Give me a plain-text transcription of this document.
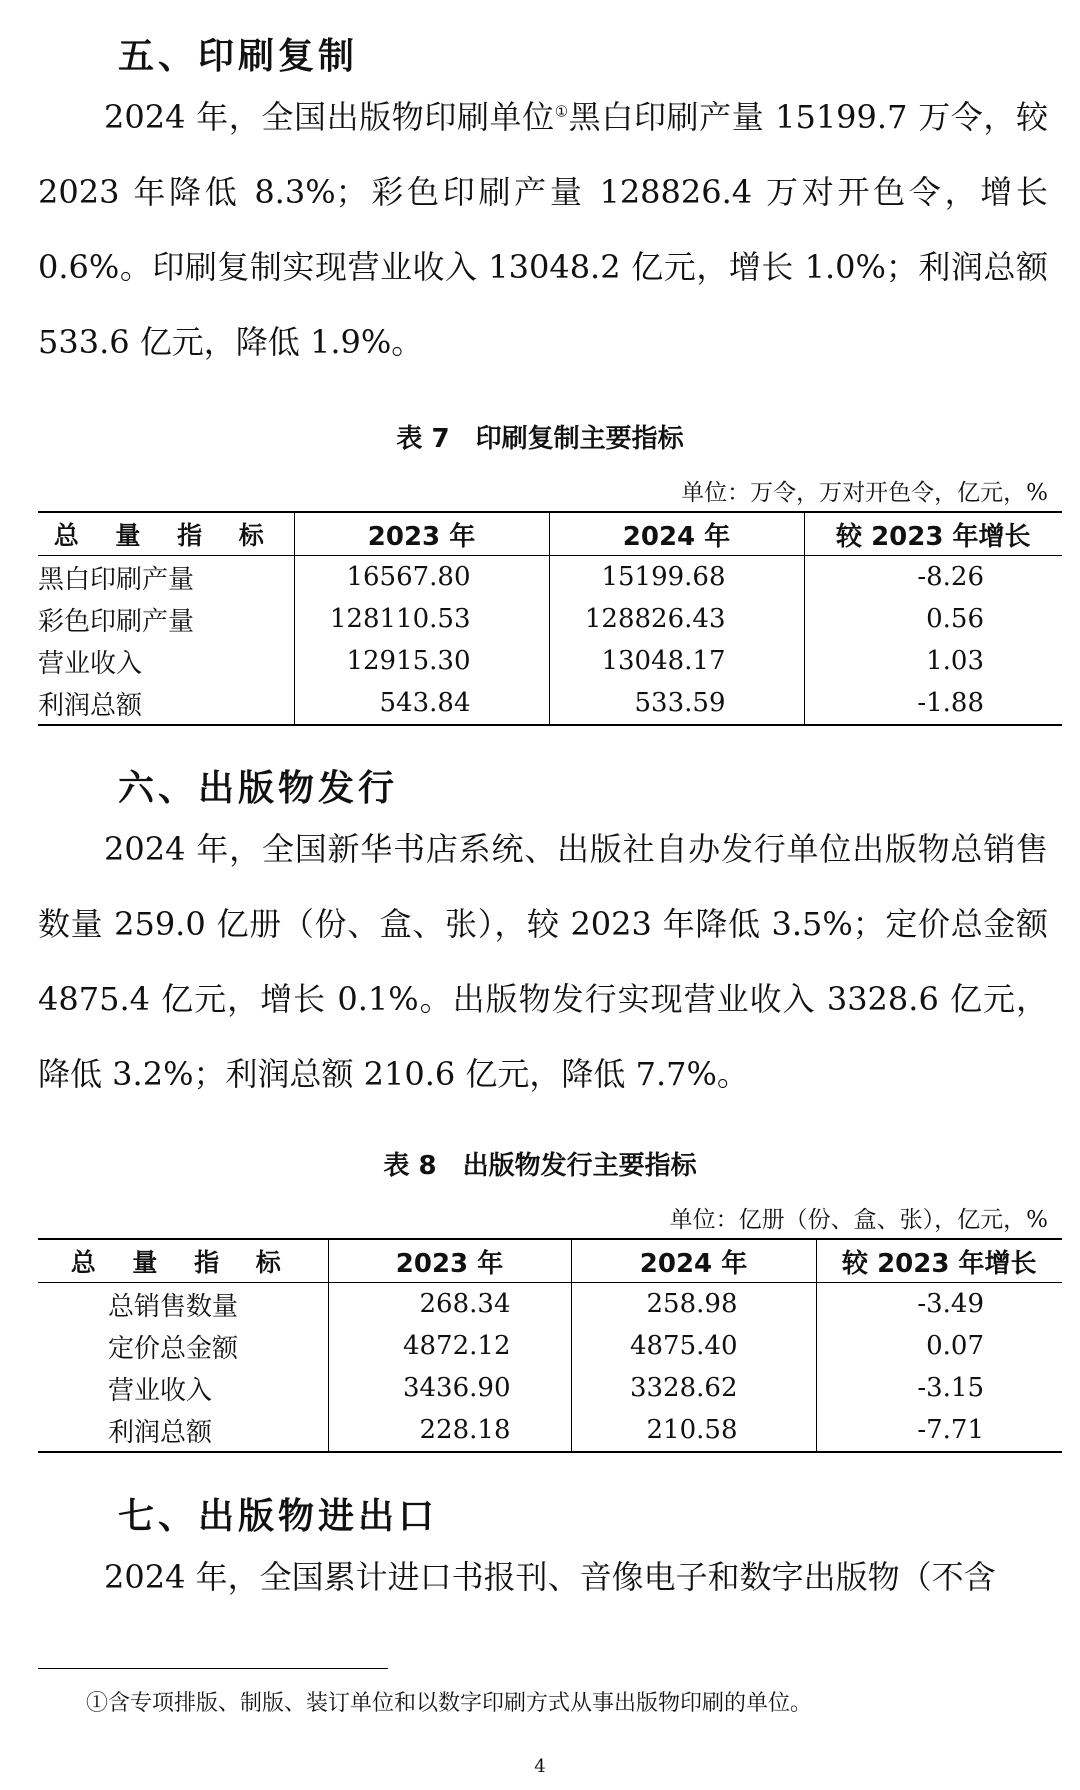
五、印刷复制

2024 年，全国出版物印刷单位①黑白印刷产量 15199.7 万令，较 2023 年降低 8.3%；彩色印刷产量 128826.4 万对开色令，增长 0.6%。印刷复制实现营业收入 13048.2 亿元，增长 1.0%；利润总额 533.6 亿元，降低 1.9%。

表 7　印刷复制主要指标
单位：万令，万对开色令，亿元，%
总 量 指 标	2023 年	2024 年	较 2023 年增长
黑白印刷产量	16567.80	15199.68	-8.26
彩色印刷产量	128110.53	128826.43	0.56
营业收入	12915.30	13048.17	1.03
利润总额	543.84	533.59	-1.88
六、出版物发行

2024 年，全国新华书店系统、出版社自办发行单位出版物总销售数量 259.0 亿册（份、盒、张），较 2023 年降低 3.5%；定价总金额 4875.4 亿元，增长 0.1%。出版物发行实现营业收入 3328.6 亿元，降低 3.2%；利润总额 210.6 亿元，降低 7.7%。

表 8　出版物发行主要指标
单位：亿册（份、盒、张），亿元，%
总 量 指 标	2023 年	2024 年	较 2023 年增长
总销售数量	268.34	258.98	-3.49
定价总金额	4872.12	4875.40	0.07
营业收入	3436.90	3328.62	-3.15
利润总额	228.18	210.58	-7.71
七、出版物进出口

2024 年，全国累计进口书报刊、音像电子和数字出版物（不含

①含专项排版、制版、装订单位和以数字印刷方式从事出版物印刷的单位。
4
